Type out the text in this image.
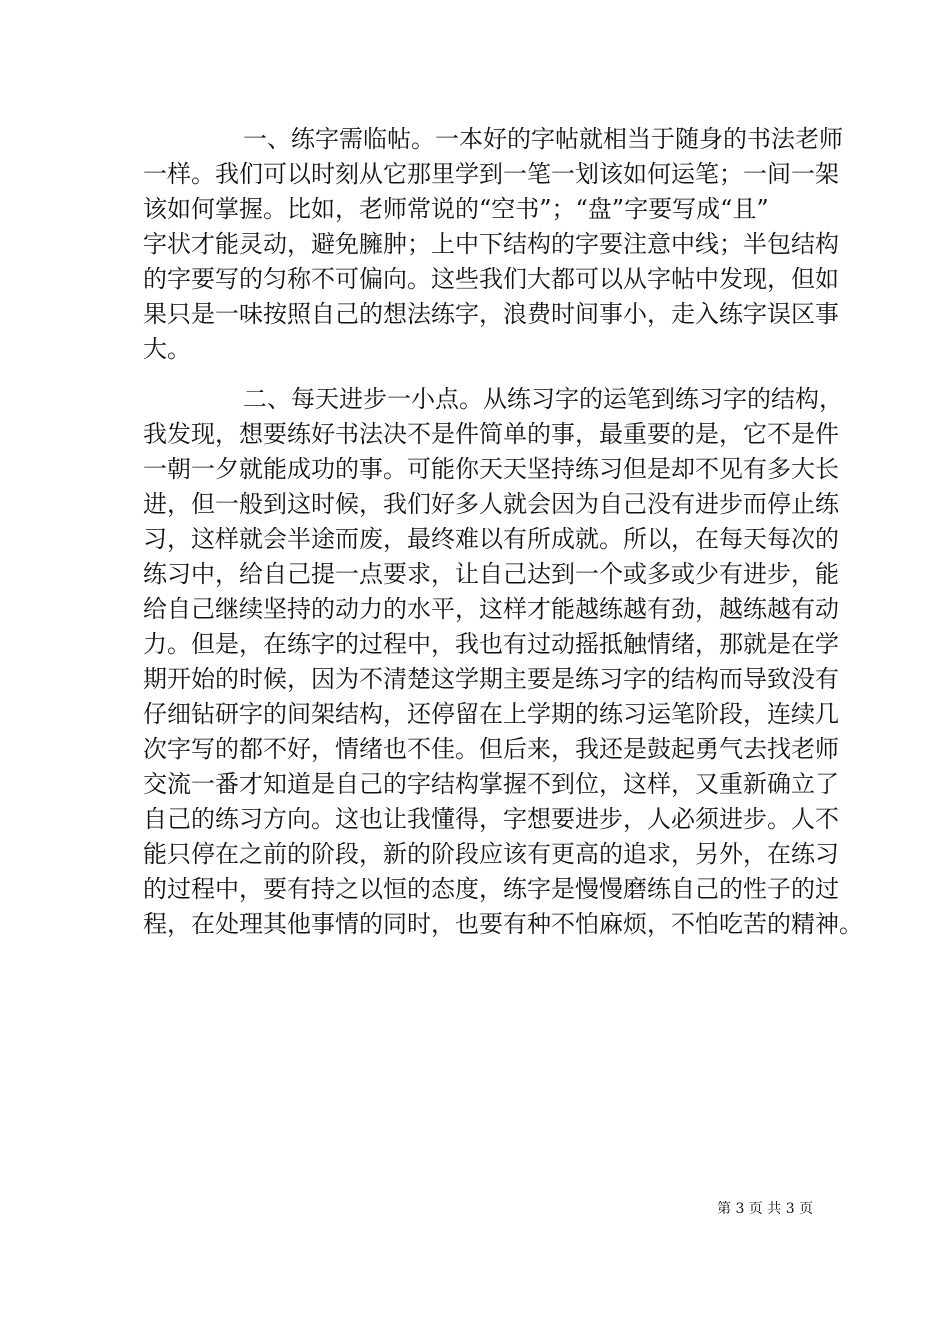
一、练字需临帖。一本好的字帖就相当于随身的书法老师
一样。我们可以时刻从它那里学到一笔一划该如何运笔；一间一架
该如何掌握。比如，老师常说的“空书”；“盘”字要写成“且”
字状才能灵动，避免臃肿；上中下结构的字要注意中线；半包结构
的字要写的匀称不可偏向。这些我们大都可以从字帖中发现，但如
果只是一味按照自己的想法练字，浪费时间事小，走入练字误区事
大。
二、每天进步一小点。从练习字的运笔到练习字的结构，
我发现，想要练好书法决不是件简单的事，最重要的是，它不是件
一朝一夕就能成功的事。可能你天天坚持练习但是却不见有多大长
进，但一般到这时候，我们好多人就会因为自己没有进步而停止练
习，这样就会半途而废，最终难以有所成就。所以，在每天每次的
练习中，给自己提一点要求，让自己达到一个或多或少有进步，能
给自己继续坚持的动力的水平，这样才能越练越有劲，越练越有动
力。但是，在练字的过程中，我也有过动摇抵触情绪，那就是在学
期开始的时候，因为不清楚这学期主要是练习字的结构而导致没有
仔细钻研字的间架结构，还停留在上学期的练习运笔阶段，连续几
次字写的都不好，情绪也不佳。但后来，我还是鼓起勇气去找老师
交流一番才知道是自己的字结构掌握不到位，这样，又重新确立了
自己的练习方向。这也让我懂得，字想要进步，人必须进步。人不
能只停在之前的阶段，新的阶段应该有更高的追求，另外，在练习
的过程中，要有持之以恒的态度，练字是慢慢磨练自己的性子的过
程，在处理其他事情的同时，也要有种不怕麻烦，不怕吃苦的精神。
第 3 页 共 3 页
